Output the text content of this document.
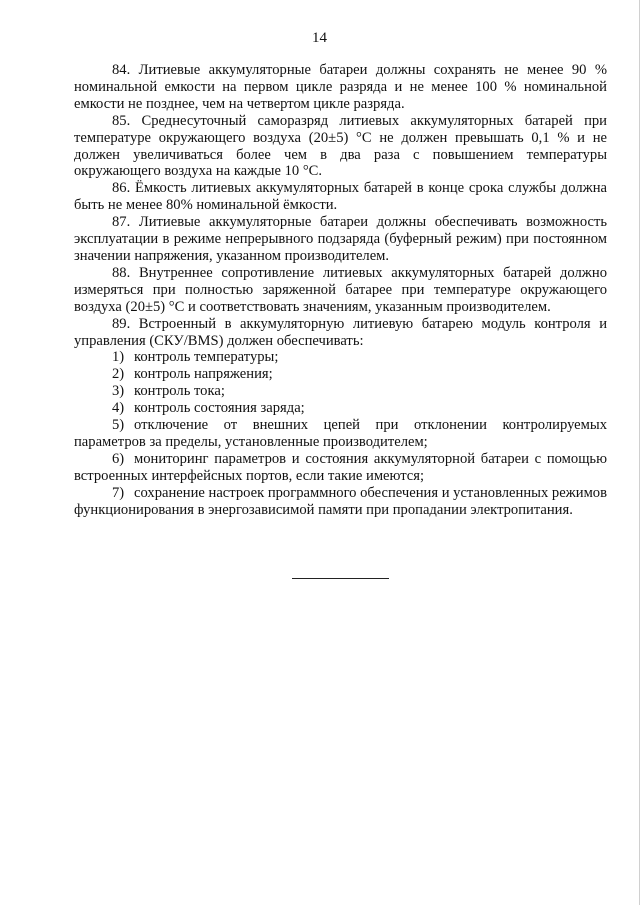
14

84. Литиевые аккумуляторные батареи должны сохранять не менее 90 % номинальной емкости на первом цикле разряда и не менее 100 % номинальной емкости не позднее, чем на четвертом цикле разряда.

85. Среднесуточный саморазряд литиевых аккумуляторных батарей при температуре окружающего воздуха (20±5) °С не должен превышать 0,1 % и не должен увеличиваться более чем в два раза с повышением температуры окружающего воздуха на каждые 10 °С.

86. Ёмкость литиевых аккумуляторных батарей в конце срока службы должна быть не менее 80% номинальной ёмкости.

87. Литиевые аккумуляторные батареи должны обеспечивать возможность эксплуатации в режиме непрерывного подзаряда (буферный режим) при постоянном значении напряжения, указанном производителем.

88. Внутреннее сопротивление литиевых аккумуляторных батарей должно измеряться при полностью заряженной батарее при температуре окружающего воздуха (20±5) °С и соответствовать значениям, указанным производителем.

89. Встроенный в аккумуляторную литиевую батарею модуль контроля и управления (СКУ/BMS) должен обеспечивать:

1) контроль температуры;

2) контроль напряжения;

3) контроль тока;

4) контроль состояния заряда;

5) отключение от внешних цепей при отклонении контролируемых параметров за пределы, установленные производителем;

6) мониторинг параметров и состояния аккумуляторной батареи с помощью встроенных интерфейсных портов, если такие имеются;

7) сохранение настроек программного обеспечения и установленных режимов функционирования в энергозависимой памяти при пропадании электропитания.
